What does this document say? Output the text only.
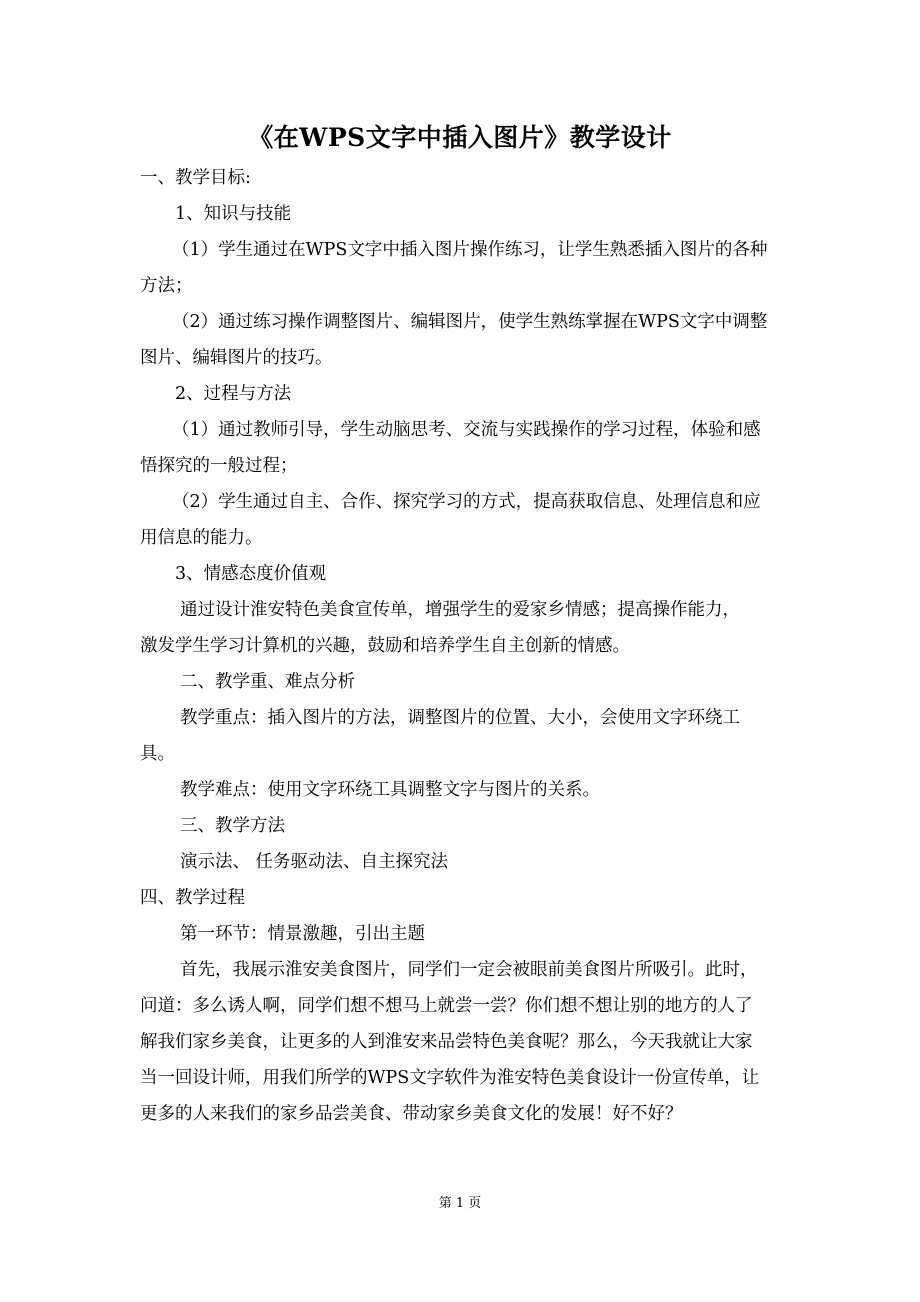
《在WPS文字中插入图片》教学设计

一、教学目标:

1、知识与技能

（1）学生通过在WPS文字中插入图片操作练习，让学生熟悉插入图片的各种

方法；

（2）通过练习操作调整图片、编辑图片，使学生熟练掌握在WPS文字中调整

图片、编辑图片的技巧。

2、过程与方法

（1）通过教师引导，学生动脑思考、交流与实践操作的学习过程，体验和感

悟探究的一般过程；

（2）学生通过自主、合作、探究学习的方式，提高获取信息、处理信息和应

用信息的能力。

3、情感态度价值观

通过设计淮安特色美食宣传单，增强学生的爱家乡情感；提高操作能力，

激发学生学习计算机的兴趣，鼓励和培养学生自主创新的情感。

二、教学重、难点分析

教学重点：插入图片的方法，调整图片的位置、大小，会使用文字环绕工

具。

教学难点：使用文字环绕工具调整文字与图片的关系。

三、教学方法

演示法、 任务驱动法、自主探究法

四、教学过程

第一环节：情景激趣，引出主题

首先，我展示淮安美食图片，同学们一定会被眼前美食图片所吸引。此时，

问道：多么诱人啊，同学们想不想马上就尝一尝？你们想不想让别的地方的人了

解我们家乡美食，让更多的人到淮安来品尝特色美食呢？那么，今天我就让大家

当一回设计师，用我们所学的WPS文字软件为淮安特色美食设计一份宣传单，让

更多的人来我们的家乡品尝美食、带动家乡美食文化的发展！好不好？

第 1 页
